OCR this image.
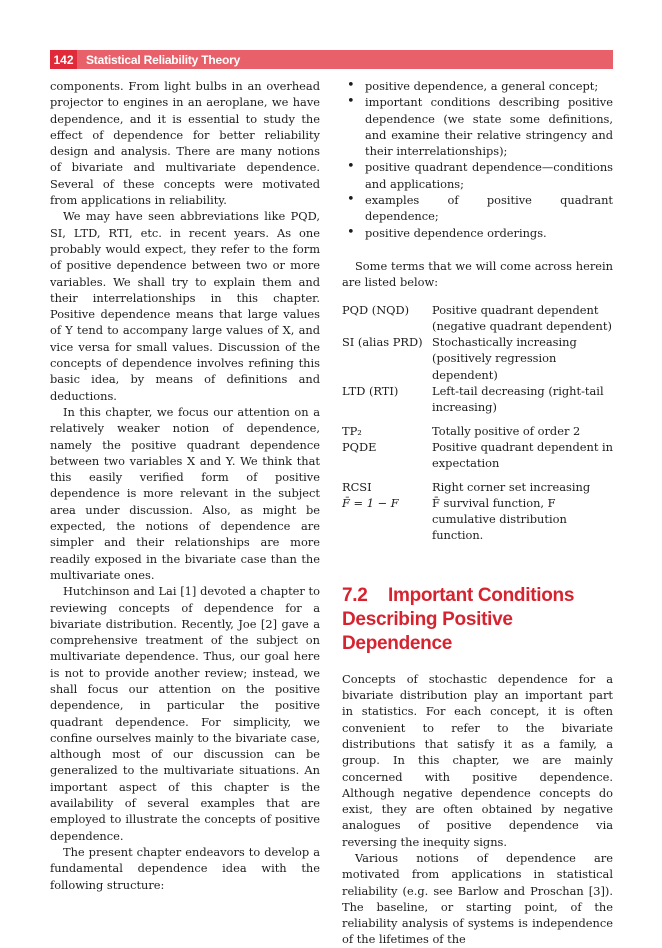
142	Statistical Reliability Theory

components. From light bulbs in an overhead projector to engines in an aeroplane, we have dependence, and it is essential to study the effect of dependence for better reliability design and analysis. There are many notions of bivariate and multivariate dependence. Several of these concepts were motivated from applications in reliability.

We may have seen abbreviations like PQD, SI, LTD, RTI, etc. in recent years. As one probably would expect, they refer to the form of positive dependence between two or more variables. We shall try to explain them and their interrelationships in this chapter. Positive dependence means that large values of Y tend to accompany large values of X, and vice versa for small values. Discussion of the concepts of dependence involves refining this basic idea, by means of definitions and deductions.

In this chapter, we focus our attention on a relatively weaker notion of dependence, namely the positive quadrant dependence between two variables X and Y. We think that this easily verified form of positive dependence is more relevant in the subject area under discussion. Also, as might be expected, the notions of dependence are simpler and their relationships are more readily exposed in the bivariate case than the multivariate ones.

Hutchinson and Lai [1] devoted a chapter to reviewing concepts of dependence for a bivariate distribution. Recently, Joe [2] gave a comprehensive treatment of the subject on multivariate dependence. Thus, our goal here is not to provide another review; instead, we shall focus our attention on the positive dependence, in particular the positive quadrant dependence. For simplicity, we confine ourselves mainly to the bivariate case, although most of our discussion can be generalized to the multivariate situations. An important aspect of this chapter is the availability of several examples that are employed to illustrate the concepts of positive dependence.

The present chapter endeavors to develop a fundamental dependence idea with the following structure:

• positive dependence, a general concept;
• important conditions describing positive dependence (we state some definitions, and examine their relative stringency and their interrelationships);
• positive quadrant dependence—conditions and applications;
• examples of positive quadrant dependence;
• positive dependence orderings.

Some terms that we will come across herein are listed below:

PQD (NQD)	Positive quadrant dependent (negative quadrant dependent)
SI (alias PRD) Stochastically increasing (positively regression dependent)
LTD (RTI)	Left-tail decreasing (right-tail increasing)
TP₂	Totally positive of order 2
PQDE	Positive quadrant dependent in expectation
RCSI	Right corner set increasing
F̄ = 1 − F	F̄ survival function, F cumulative distribution function.
7.2 Important Conditions
Describing Positive Dependence

Concepts of stochastic dependence for a bivariate distribution play an important part in statistics. For each concept, it is often convenient to refer to the bivariate distributions that satisfy it as a family, a group. In this chapter, we are mainly concerned with positive dependence. Although negative dependence concepts do exist, they are often obtained by negative analogues of positive dependence via reversing the inequity signs.

Various notions of dependence are motivated from applications in statistical reliability (e.g. see Barlow and Proschan [3]). The baseline, or starting point, of the reliability analysis of systems is independence of the lifetimes of the
